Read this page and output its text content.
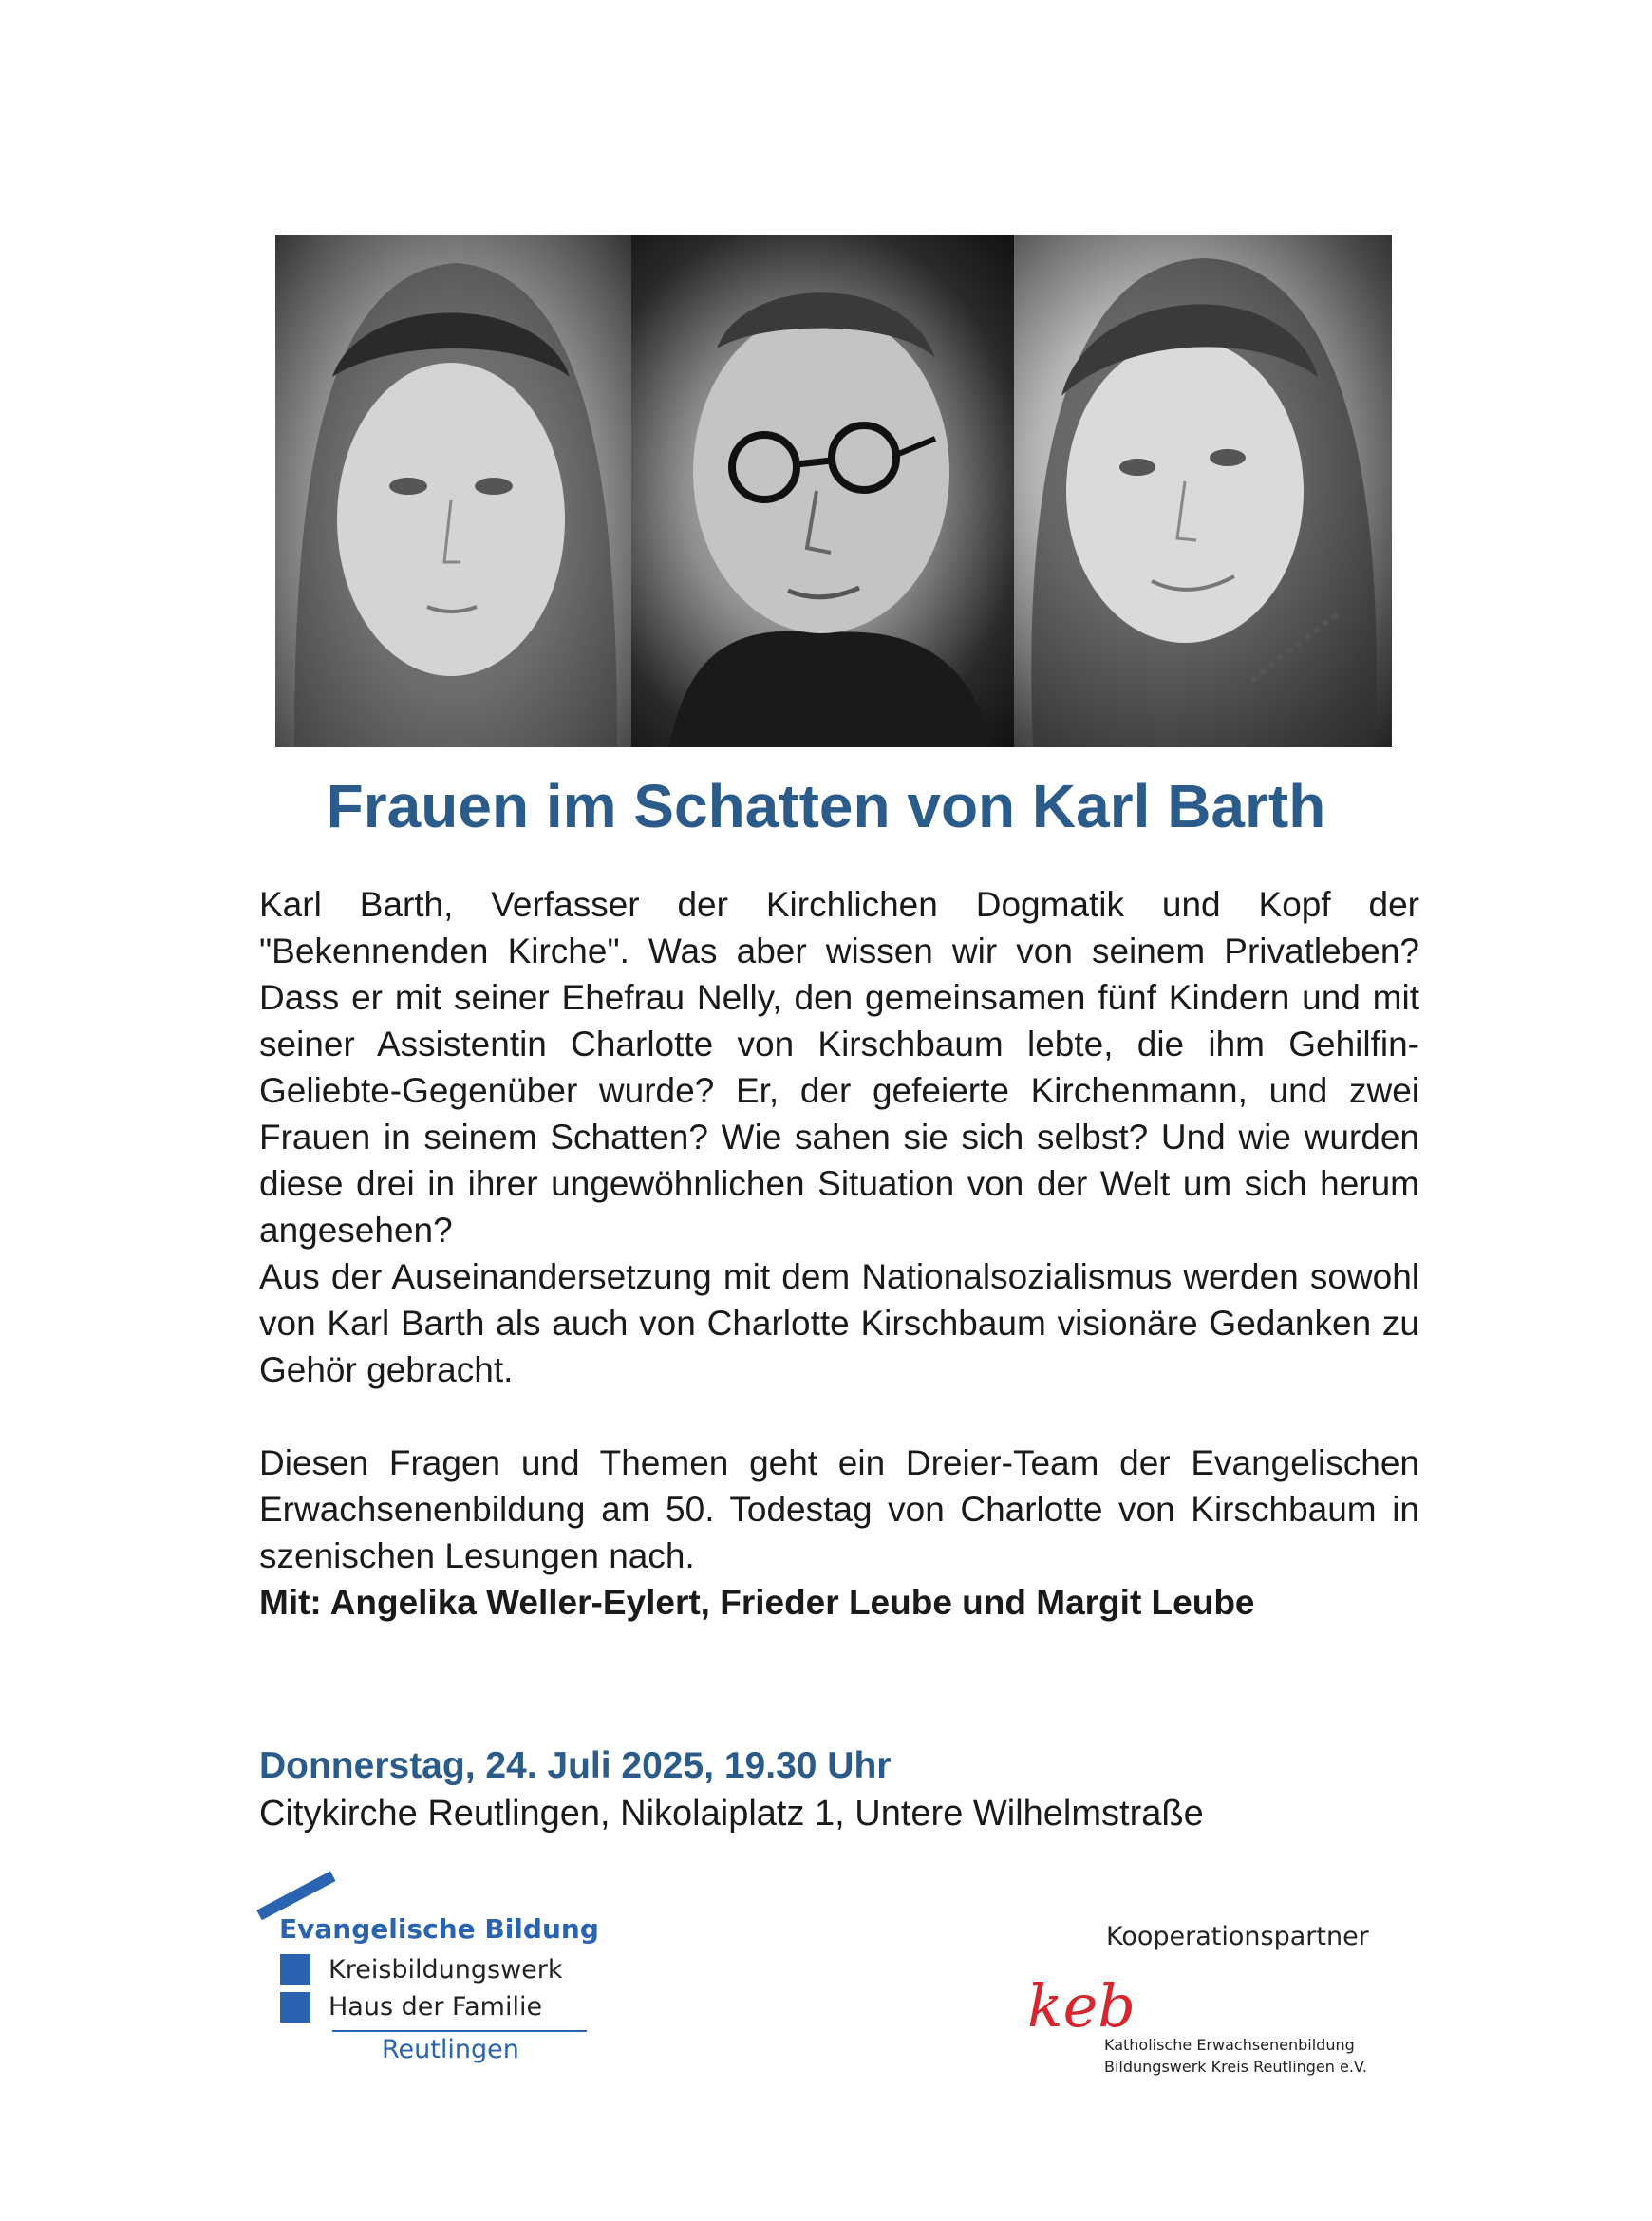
Frauen im Schatten von Karl Barth

Karl Barth, Verfasser der Kirchlichen Dogmatik und Kopf der "Bekennenden Kirche". Was aber wissen wir von seinem Privatleben? Dass er mit seiner Ehefrau Nelly, den gemeinsamen fünf Kindern und mit seiner Assistentin Charlotte von Kirschbaum lebte, die ihm Gehilfin-Geliebte-Gegenüber wurde? Er, der gefeierte Kirchenmann, und zwei Frauen in seinem Schatten? Wie sahen sie sich selbst? Und wie wurden diese drei in ihrer ungewöhnlichen Situation von der Welt um sich herum angesehen?

Aus der Auseinandersetzung mit dem Nationalsozialismus werden sowohl von Karl Barth als auch von Charlotte Kirschbaum visionäre Gedanken zu Gehör gebracht.

Diesen Fragen und Themen geht ein Dreier-Team der Evangelischen Erwachsenenbildung am 50. Todestag von Charlotte von Kirschbaum in szenischen Lesungen nach.

Mit: Angelika Weller-Eylert, Frieder Leube und Margit Leube

Donnerstag, 24. Juli 2025, 19.30 Uhr

Citykirche Reutlingen, Nikolaiplatz 1, Untere Wilhelmstraße

Evangelische Bildung
Kreisbildungswerk
Haus der Familie
Reutlingen

Kooperationspartner

keb
Katholische Erwachsenenbildung
Bildungswerk Kreis Reutlingen e.V.
